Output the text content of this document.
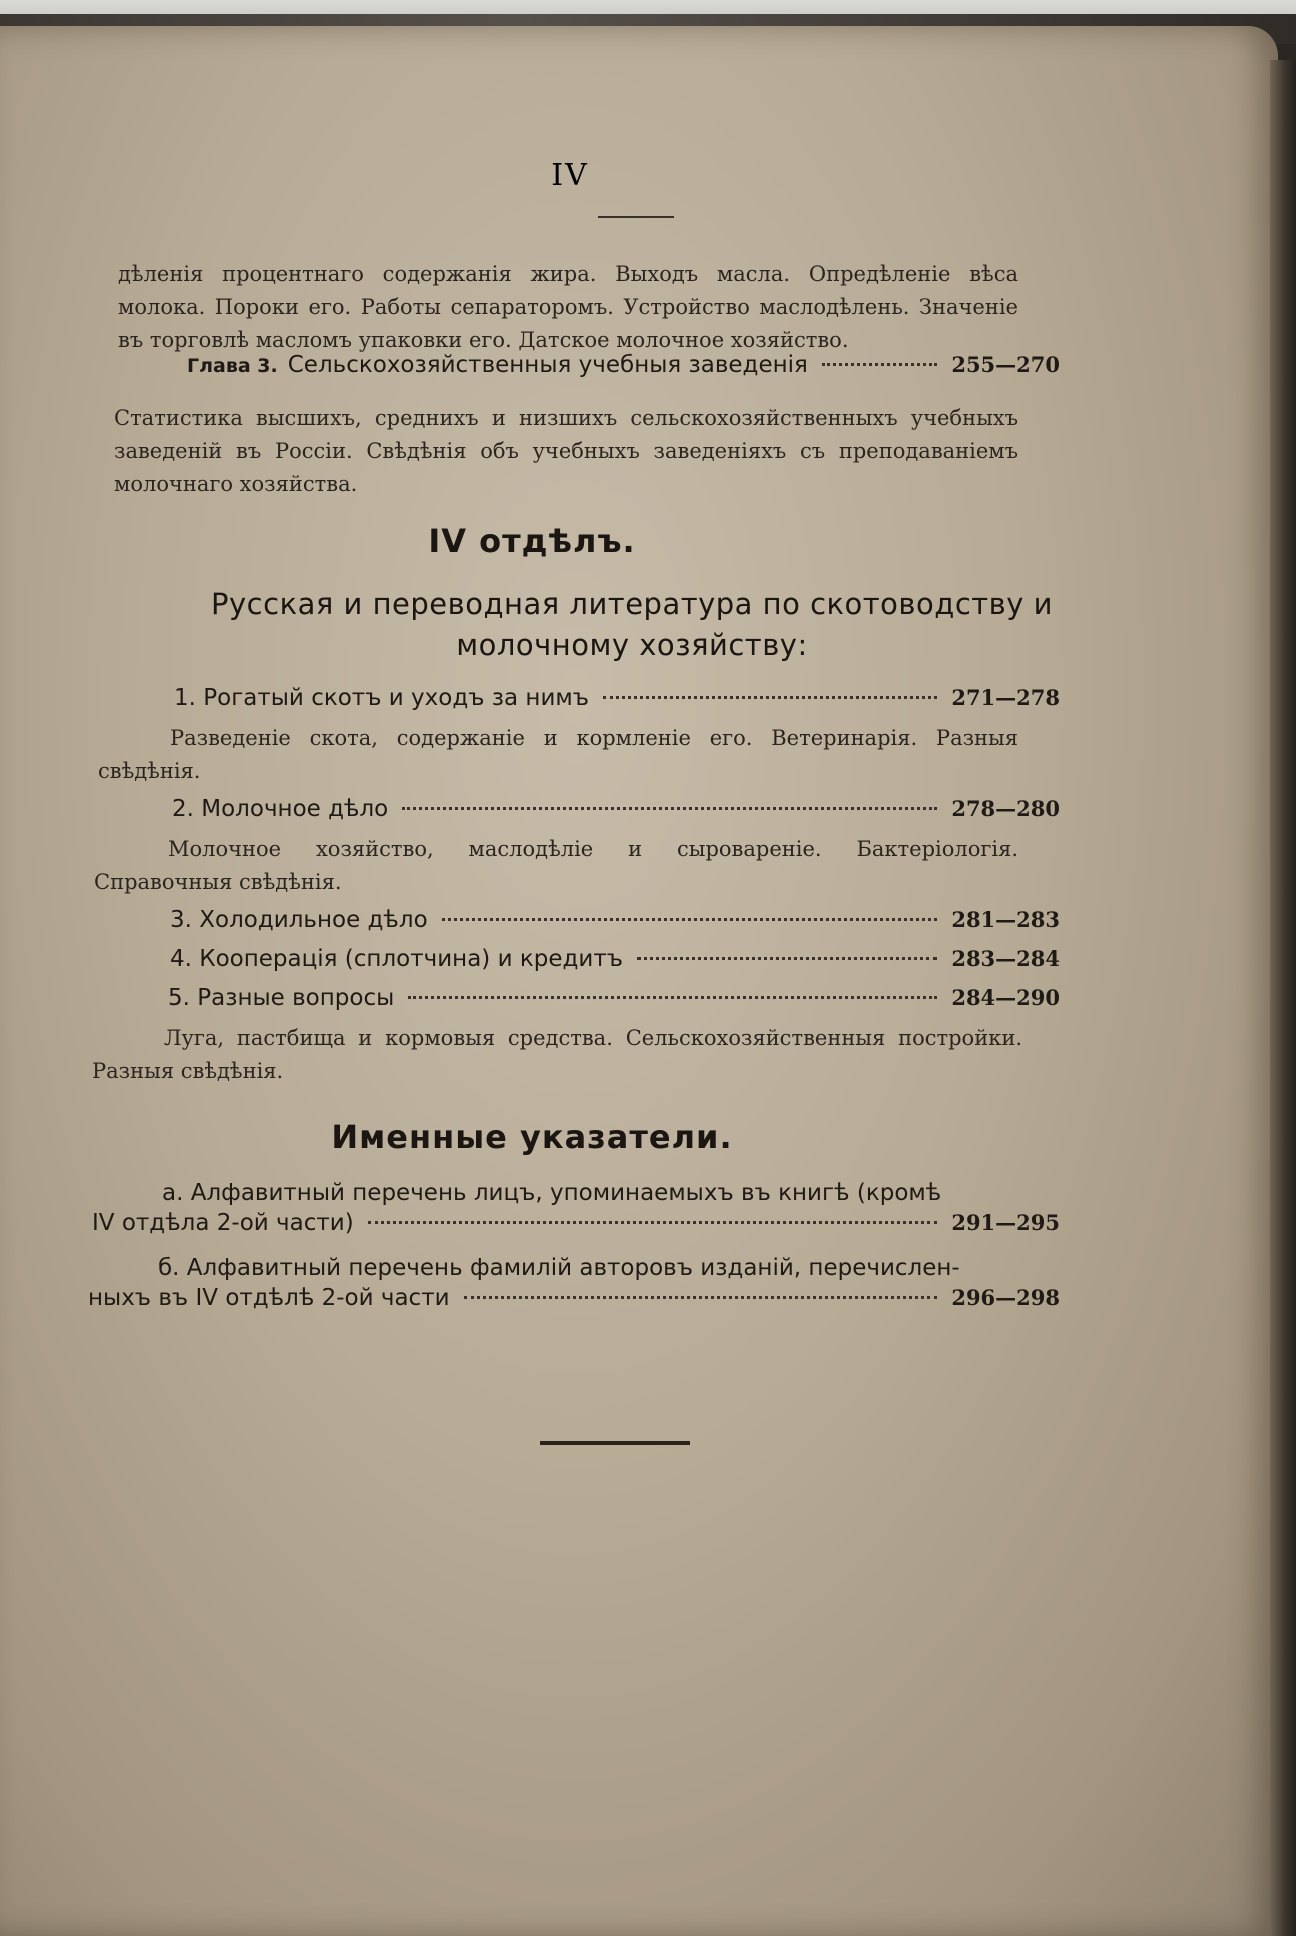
IV
дѣленія процентнаго содержанія жира. Выходъ масла. Опредѣленіе вѣса молока. Пороки его. Работы сепараторомъ. Устройство маслодѣлень. Значеніе въ торговлѣ масломъ упаковки его. Датское молочное хозяйство.
Глава 3. Сельскохозяйственныя учебныя заведенія	255—270
Статистика высшихъ, среднихъ и низшихъ сельскохозяйственныхъ учебныхъ заведеній въ Россіи. Свѣдѣнія объ учебныхъ заведеніяхъ съ преподаваніемъ молочнаго хозяйства.
IV отдѣлъ.
Русская и переводная литература по скотоводству и
молочному хозяйству:
1. Рогатый скотъ и уходъ за нимъ	271—278
Разведеніе скота, содержаніе и кормленіе его. Ветеринарія. Разныя свѣдѣнія.
2. Молочное дѣло	278—280
Молочное хозяйство, маслодѣліе и сыровареніе. Бактеріологія. Справочныя свѣдѣнія.
3. Холодильное дѣло	281—283
4. Кооперація (сплотчина) и кредитъ	283—284
5. Разные вопросы	284—290
Луга, пастбища и кормовыя средства. Сельскохозяйственныя постройки. Разныя свѣдѣнія.
Именные указатели.
а. Алфавитный перечень лицъ, упоминаемыхъ въ книгѣ (кромѣ
IV отдѣла 2-ой части)	291—295
б. Алфавитный перечень фамилій авторовъ изданій, перечислен-
ныхъ въ IV отдѣлѣ 2-ой части	296—298
